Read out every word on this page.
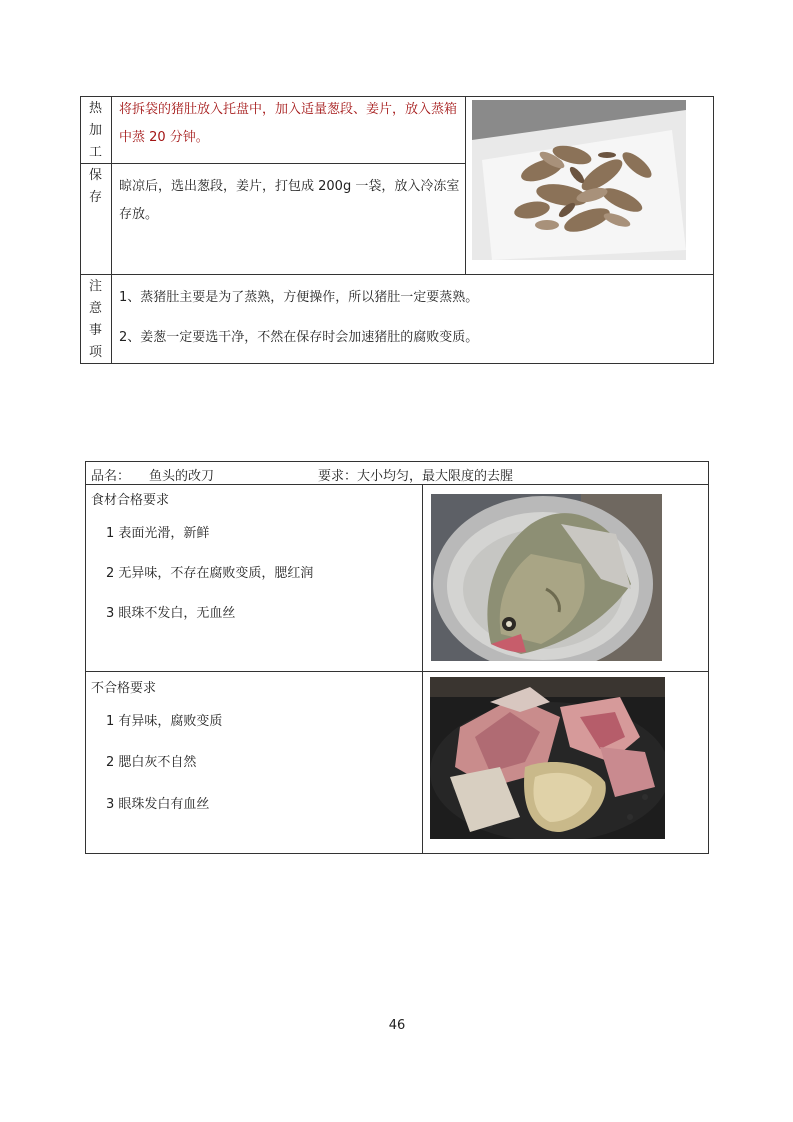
热
加
工
将拆袋的猪肚放入托盘中，加入适量葱段、姜片，放入蒸箱中蒸 20 分钟。
保
存
晾凉后，选出葱段，姜片，打包成 200g 一袋，放入冷冻室存放。
注
意
事
项
1、蒸猪肚主要是为了蒸熟，方便操作，所以猪肚一定要蒸熟。
2、姜葱一定要选干净，不然在保存时会加速猪肚的腐败变质。
品名： 鱼头的改刀	要求：大小均匀，最大限度的去腥
食材合格要求
1 表面光滑，新鲜
2 无异味，不存在腐败变质，腮红润
3 眼珠不发白，无血丝
不合格要求
1 有异味，腐败变质
2 腮白灰不自然
3 眼珠发白有血丝
46
